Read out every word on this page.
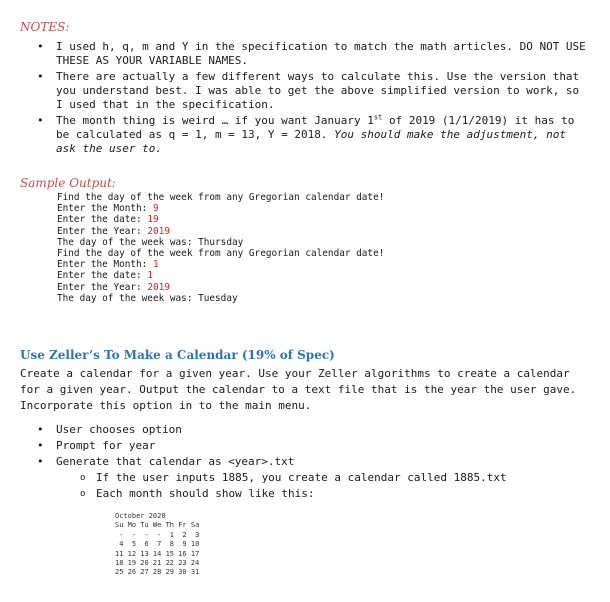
NOTES:
• I used h, q, m and Y in the specification to match the math articles. DO NOT USE THESE AS YOUR VARIABLE NAMES.
• There are actually a few different ways to calculate this. Use the version that you understand best. I was able to get the above simplified version to work, so I used that in the specification.
• The month thing is weird … if you want January 1st of 2019 (1/1/2019) it has to be calculated as q = 1, m = 13, Y = 2018. You should make the adjustment, not ask the user to.
Sample Output:
Find the day of the week from any Gregorian calendar date!
Enter the Month: 9
Enter the date: 19
Enter the Year: 2019
The day of the week was: Thursday
Find the day of the week from any Gregorian calendar date!
Enter the Month: 1
Enter the date: 1
Enter the Year: 2019
The day of the week was: Tuesday
Use Zeller’s To Make a Calendar (19% of Spec)
Create a calendar for a given year. Use your Zeller algorithms to create a calendar for a given year. Output the calendar to a text file that is the year the user gave. Incorporate this option in to the main menu.
• User chooses option
• Prompt for year
• Generate that calendar as <year>.txt
o If the user inputs 1885, you create a calendar called 1885.txt
o Each month should show like this:
October 2020
Su Mo Tu We Th Fr Sa
-  -  -  -  1  2  3
4  5  6  7  8  9 10
11 12 13 14 15 16 17
18 19 20 21 22 23 24
25 26 27 28 29 30 31
